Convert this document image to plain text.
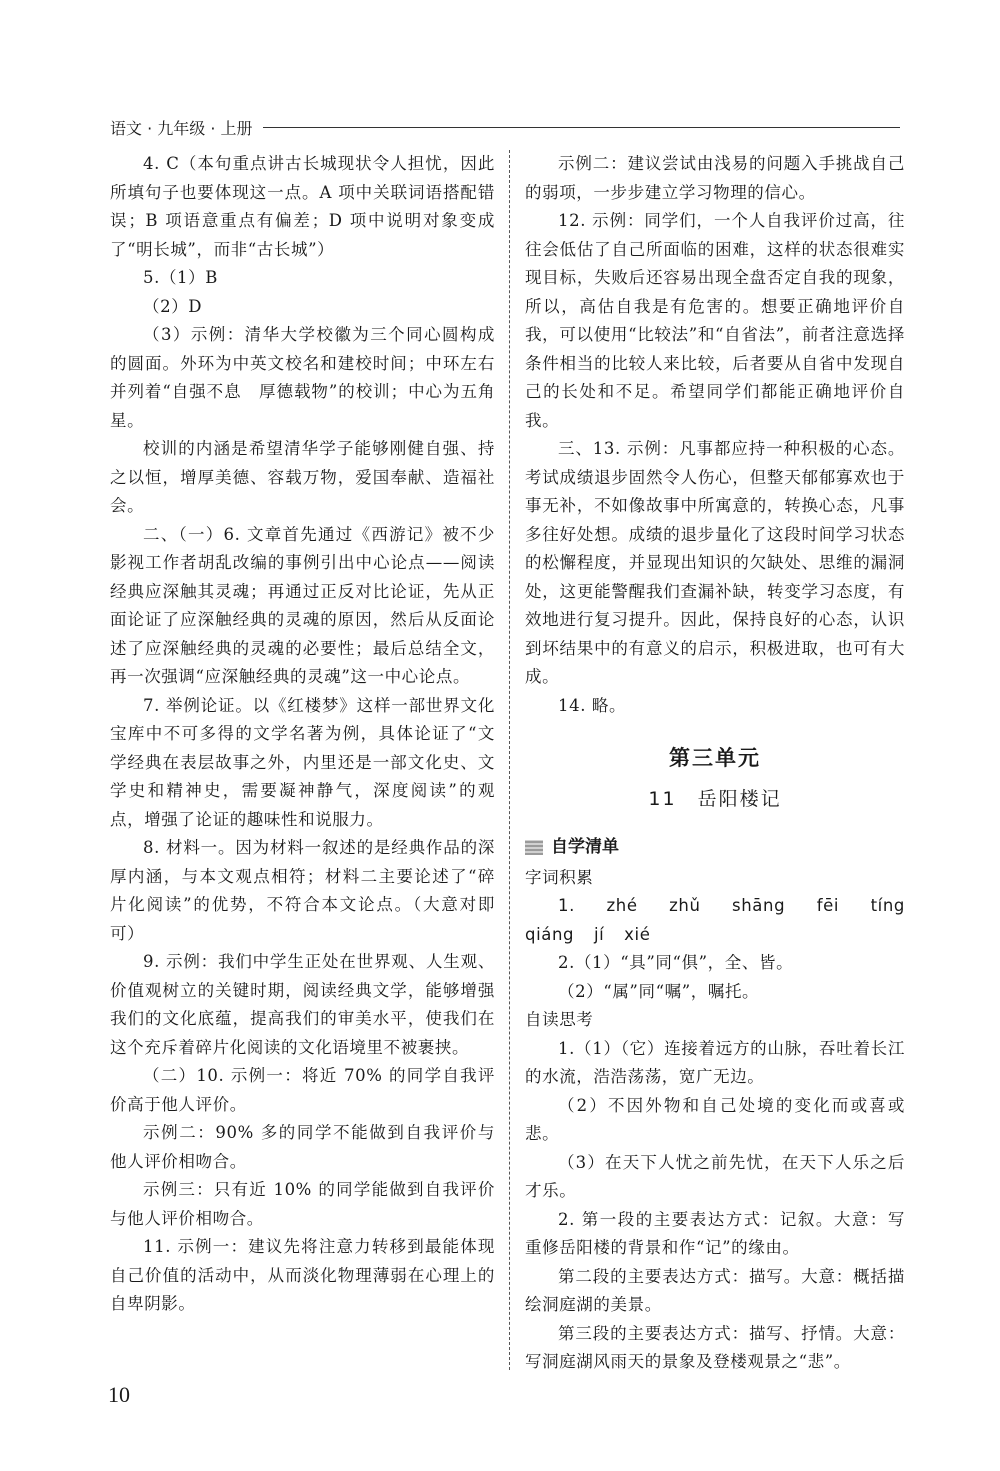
语文 · 九年级 · 上册

4. C（本句重点讲古长城现状令人担忧，因此所填句子也要体现这一点。A 项中关联词语搭配错误；B 项语意重点有偏差；D 项中说明对象变成了“明长城”，而非“古长城”）

5.（1）B

（2）D

（3）示例：清华大学校徽为三个同心圆构成的圆面。外环为中英文校名和建校时间；中环左右并列着“自强不息　厚德载物”的校训；中心为五角星。

校训的内涵是希望清华学子能够刚健自强、持之以恒，增厚美德、容载万物，爱国奉献、造福社会。

二、（一）6. 文章首先通过《西游记》被不少影视工作者胡乱改编的事例引出中心论点——阅读经典应深触其灵魂；再通过正反对比论证，先从正面论证了应深触经典的灵魂的原因，然后从反面论述了应深触经典的灵魂的必要性；最后总结全文，再一次强调“应深触经典的灵魂”这一中心论点。

7. 举例论证。以《红楼梦》这样一部世界文化宝库中不可多得的文学名著为例，具体论证了“文学经典在表层故事之外，内里还是一部文化史、文学史和精神史，需要凝神静气，深度阅读”的观点，增强了论证的趣味性和说服力。

8. 材料一。因为材料一叙述的是经典作品的深厚内涵，与本文观点相符；材料二主要论述了“碎片化阅读”的优势，不符合本文论点。（大意对即可）

9. 示例：我们中学生正处在世界观、人生观、价值观树立的关键时期，阅读经典文学，能够增强我们的文化底蕴，提高我们的审美水平，使我们在这个充斥着碎片化阅读的文化语境里不被裹挟。

（二）10. 示例一：将近 70% 的同学自我评价高于他人评价。

示例二：90% 多的同学不能做到自我评价与他人评价相吻合。

示例三：只有近 10% 的同学能做到自我评价与他人评价相吻合。

11. 示例一：建议先将注意力转移到最能体现自己价值的活动中，从而淡化物理薄弱在心理上的自卑阴影。

示例二：建议尝试由浅易的问题入手挑战自己的弱项，一步步建立学习物理的信心。

12. 示例：同学们，一个人自我评价过高，往往会低估了自己所面临的困难，这样的状态很难实现目标，失败后还容易出现全盘否定自我的现象，所以，高估自我是有危害的。想要正确地评价自我，可以使用“比较法”和“自省法”，前者注意选择条件相当的比较人来比较，后者要从自省中发现自己的长处和不足。希望同学们都能正确地评价自我。

三、13. 示例：凡事都应持一种积极的心态。考试成绩退步固然令人伤心，但整天郁郁寡欢也于事无补，不如像故事中所寓意的，转换心态，凡事多往好处想。成绩的退步量化了这段时间学习状态的松懈程度，并显现出知识的欠缺处、思维的漏洞处，这更能警醒我们查漏补缺，转变学习态度，有效地进行复习提升。因此，保持良好的心态，认识到坏结果中的有意义的启示，积极进取，也可有大成。

14. 略。

第三单元
11　岳阳楼记
自学清单

字词积累

1. zhé zhǔ shāng fēi tíng qiáng jí xié

2.（1）“具”同“俱”，全、皆。

（2）“属”同“嘱”，嘱托。

自读思考

1.（1）（它）连接着远方的山脉，吞吐着长江的水流，浩浩荡荡，宽广无边。

（2）不因外物和自己处境的变化而或喜或悲。

（3）在天下人忧之前先忧，在天下人乐之后才乐。

2. 第一段的主要表达方式：记叙。大意：写重修岳阳楼的背景和作“记”的缘由。

第二段的主要表达方式：描写。大意：概括描绘洞庭湖的美景。

第三段的主要表达方式：描写、抒情。大意：写洞庭湖风雨天的景象及登楼观景之“悲”。

10
